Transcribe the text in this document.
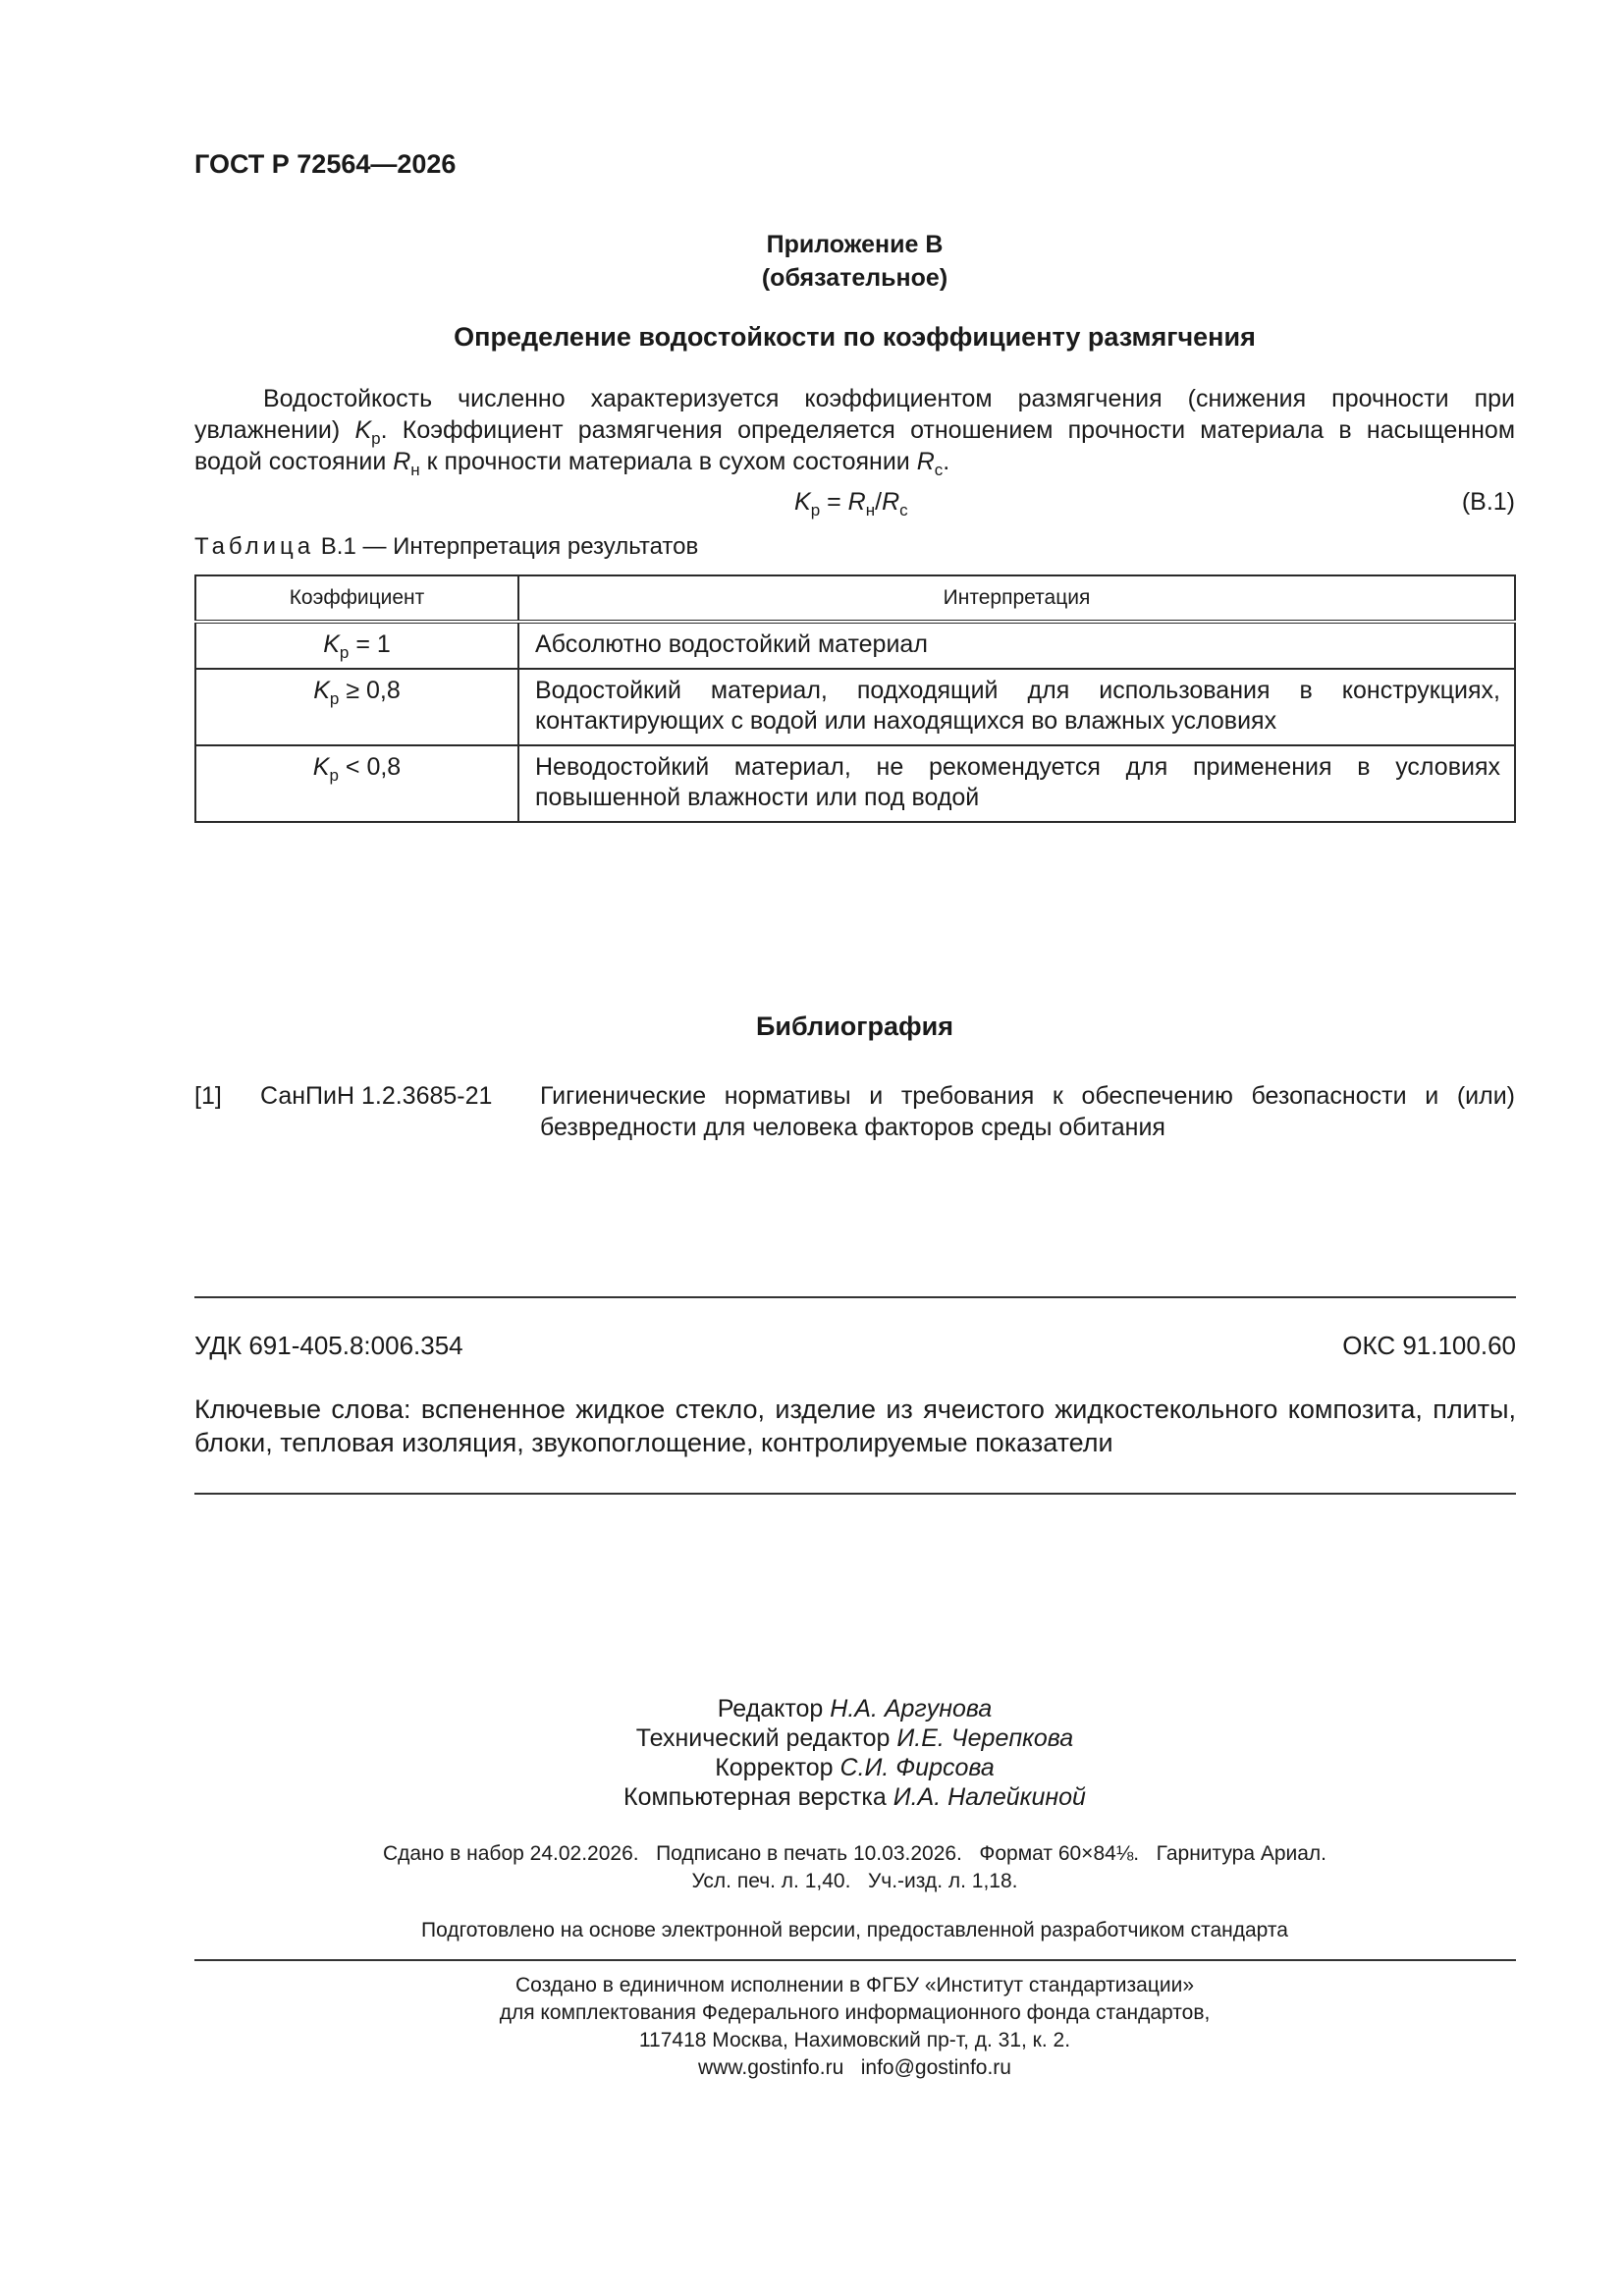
ГОСТ Р 72564—2026
Приложение В
(обязательное)
Определение водостойкости по коэффициенту размягчения
Водостойкость численно характеризуется коэффициентом размягчения (снижения прочности при увлажнении) $K_р$. Коэффициент размягчения определяется отношением прочности материала в насыщенном водой состоянии $R_н$ к прочности материала в сухом состоянии $R_с$.
$K_р = R_н/R_с$	(В.1)
Таблица В.1 — Интерпретация результатов
Коэффициент	Интерпретация
$K_р = 1$	Абсолютно водостойкий материал
$K_р \ge 0,8$	Водостойкий материал, подходящий для использования в конструкциях, контактирующих с водой или находящихся во влажных условиях
$K_р < 0,8$	Неводостойкий материал, не рекомендуется для применения в условиях повышенной влажности или под водой
Библиография
[1] СанПиН 1.2.3685-21 Гигиенические нормативы и требования к обеспечению безопасности и (или) безвредности для человека факторов среды обитания
УДК 691-405.8:006.354	ОКС 91.100.60
Ключевые слова: вспененное жидкое стекло, изделие из ячеистого жидкостекольного композита, плиты, блоки, тепловая изоляция, звукопоглощение, контролируемые показатели
Редактор Н.А. Аргунова
Технический редактор И.Е. Черепкова
Корректор С.И. Фирсова
Компьютерная верстка И.А. Налейкиной
Сдано в набор 24.02.2026.   Подписано в печать 10.03.2026.   Формат 60×84⅛.   Гарнитура Ариал.
Усл. печ. л. 1,40.   Уч.-изд. л. 1,18.
Подготовлено на основе электронной версии, предоставленной разработчиком стандарта
Создано в единичном исполнении в ФГБУ «Институт стандартизации»
для комплектования Федерального информационного фонда стандартов,
117418 Москва, Нахимовский пр-т, д. 31, к. 2.
www.gostinfo.ru   info@gostinfo.ru
